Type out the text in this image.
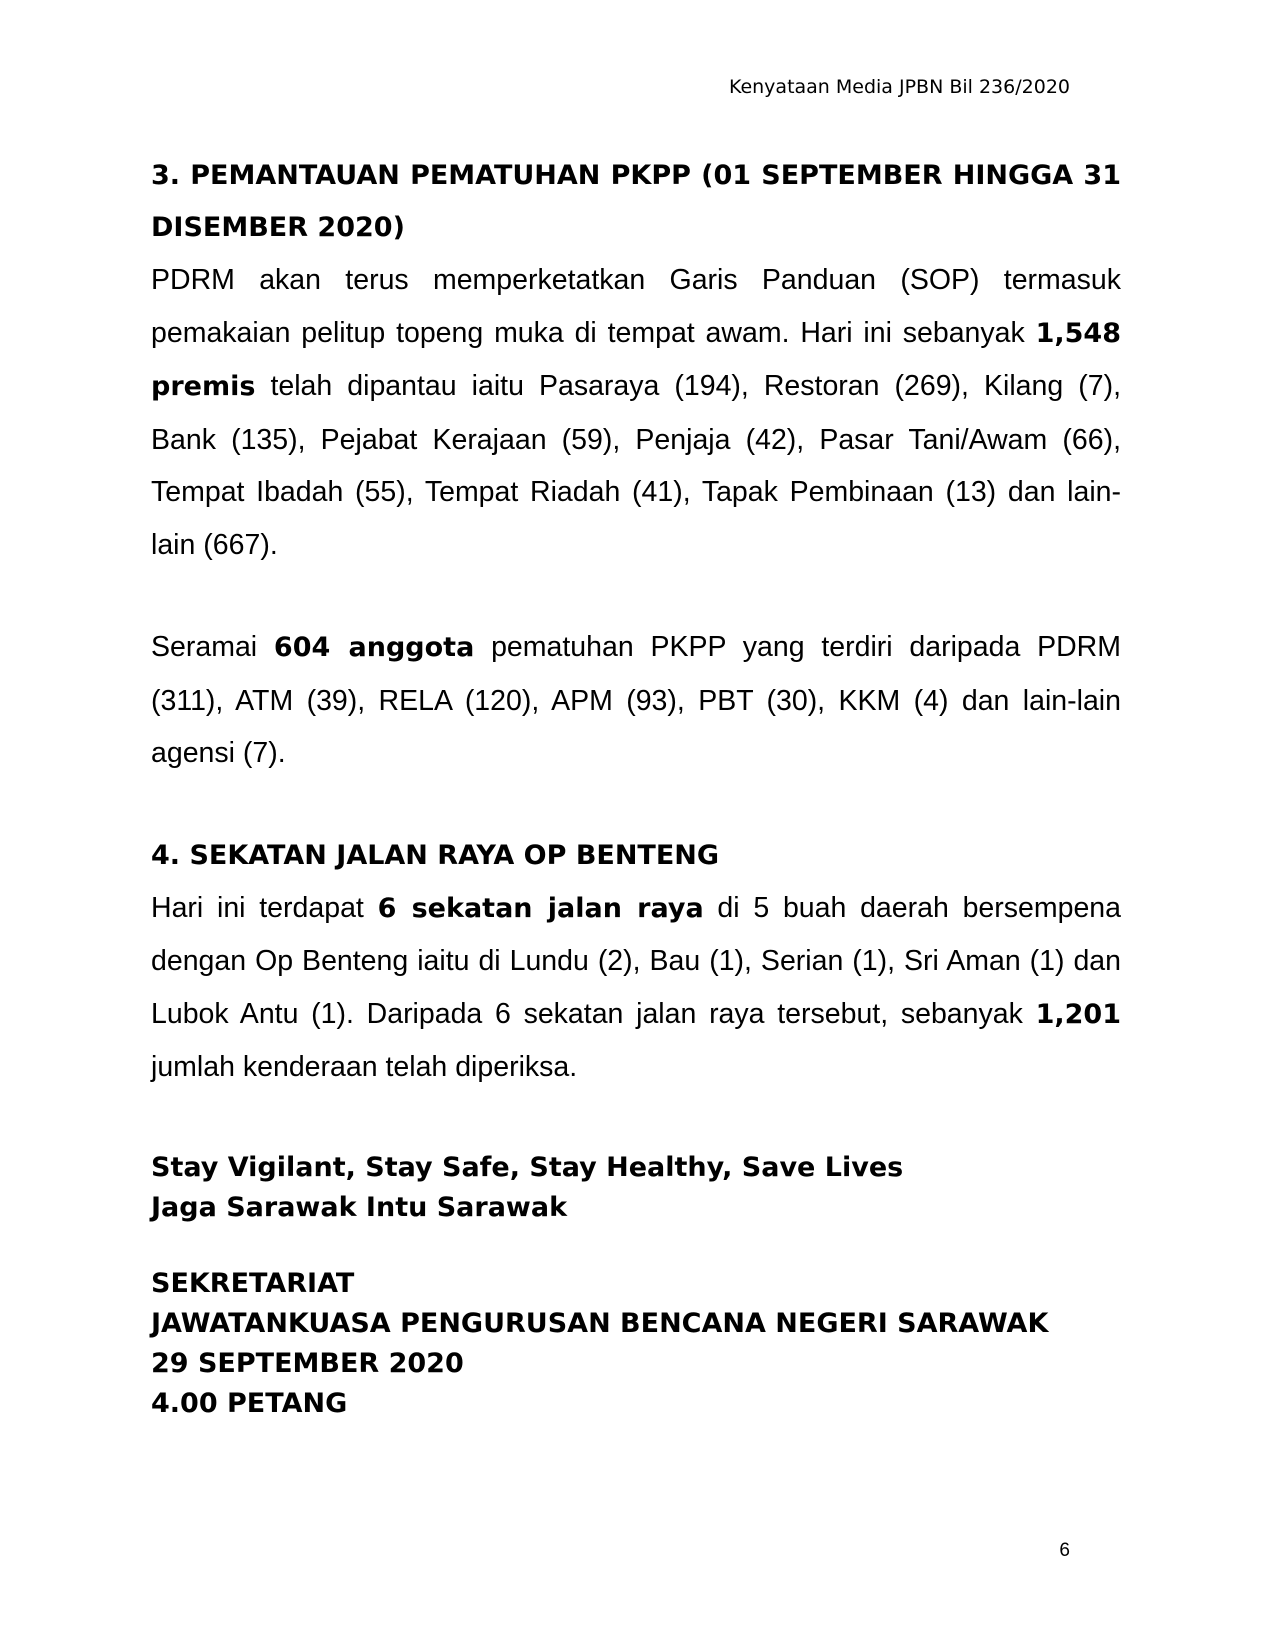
Kenyataan Media JPBN Bil 236/2020

3. PEMANTAUAN PEMATUHAN PKPP (01 SEPTEMBER HINGGA 31 DISEMBER 2020)

PDRM akan terus memperketatkan Garis Panduan (SOP) termasuk pemakaian pelitup topeng muka di tempat awam. Hari ini sebanyak 1,548 premis telah dipantau iaitu Pasaraya (194), Restoran (269), Kilang (7), Bank (135), Pejabat Kerajaan (59), Penjaja (42), Pasar Tani/Awam (66), Tempat Ibadah (55), Tempat Riadah (41), Tapak Pembinaan (13) dan lain-lain (667).

Seramai 604 anggota pematuhan PKPP yang terdiri daripada PDRM (311), ATM (39), RELA (120), APM (93), PBT (30), KKM (4) dan lain-lain agensi (7).

4. SEKATAN JALAN RAYA OP BENTENG

Hari ini terdapat 6 sekatan jalan raya di 5 buah daerah bersempena dengan Op Benteng iaitu di Lundu (2), Bau (1), Serian (1), Sri Aman (1) dan Lubok Antu (1). Daripada 6 sekatan jalan raya tersebut, sebanyak 1,201 jumlah kenderaan telah diperiksa.

Stay Vigilant, Stay Safe, Stay Healthy, Save Lives

Jaga Sarawak Intu Sarawak

SEKRETARIAT

JAWATANKUASA PENGURUSAN BENCANA NEGERI SARAWAK

29 SEPTEMBER 2020

4.00 PETANG

6
